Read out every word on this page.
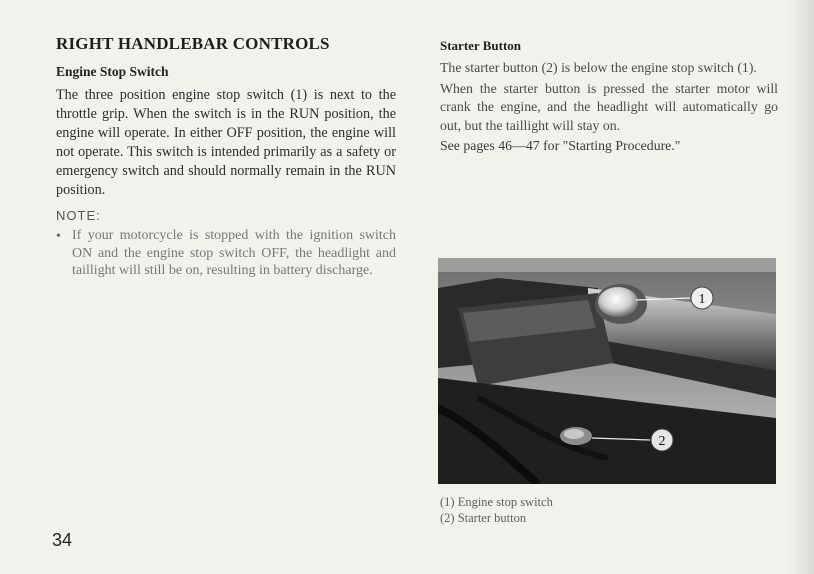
RIGHT HANDLEBAR CONTROLS
Engine Stop Switch

The three position engine stop switch (1) is next to the throttle grip. When the switch is in the RUN position, the engine will operate. In either OFF position, the engine will not operate. This switch is intended primarily as a safety or emergency switch and should normally remain in the RUN position.

NOTE:
• If your motorcycle is stopped with the ignition switch ON and the engine stop switch OFF, the headlight and taillight will still be on, resulting in battery discharge.

Starter Button

The starter button (2) is below the engine stop switch (1).

When the starter button is pressed the starter motor will crank the engine, and the headlight will automatically go out, but the taillight will stay on.

See pages 46—47 for "Starting Procedure."

1
2
(1) Engine stop switch
(2) Starter button
34
